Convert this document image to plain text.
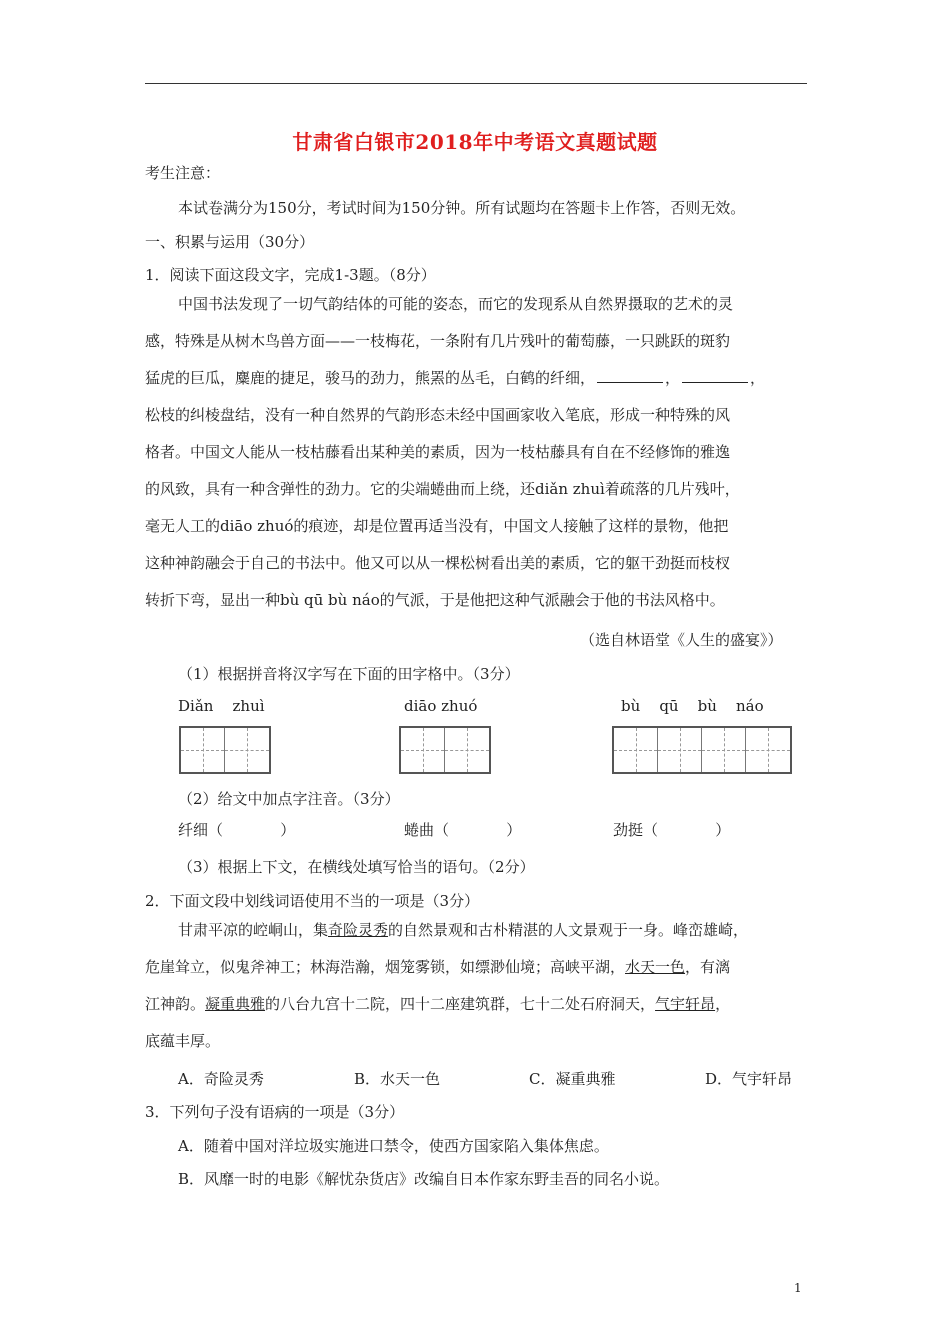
甘肃省白银市2018年中考语文真题试题
考生注意：
本试卷满分为150分，考试时间为150分钟。所有试题均在答题卡上作答，否则无效。
一、积累与运用（30分）
1．阅读下面这段文字，完成1-3题。（8分）
中国书法发现了一切气韵结体的可能的姿态，而它的发现系从自然界摄取的艺术的灵
感，特殊是从树木鸟兽方面——一枝梅花，一条附有几片残叶的葡萄藤，一只跳跃的斑豹
猛虎的巨瓜，麋鹿的捷足，骏马的劲力，熊罴的丛毛，白鹤的纤细，	，	，
松枝的纠棱盘结，没有一种自然界的气韵形态未经中国画家收入笔底，形成一种特殊的风
格者。中国文人能从一枝枯藤看出某种美的素质，因为一枝枯藤具有自在不经修饰的雅逸
的风致，具有一种含弹性的劲力。它的尖端蜷曲而上绕，还diǎn zhuì着疏落的几片残叶，
毫无人工的diāo zhuó的痕迹，却是位置再适当没有，中国文人接触了这样的景物，他把
这种神韵融会于自己的书法中。他又可以从一棵松树看出美的素质，它的躯干劲挺而枝杈
转折下弯，显出一种bù qū bù náo的气派，于是他把这种气派融会于他的书法风格中。
（选自林语堂《人生的盛宴》）
（1）根据拼音将汉字写在下面的田字格中。（3分）
Diǎn    zhuì	diāo zhuó	bù    qū    bù    náo
（2）给文中加点字注音。（3分）
纤细（            ）	蜷曲（            ）	劲挺（            ）
（3）根据上下文，在横线处填写恰当的语句。（2分）
2．下面文段中划线词语使用不当的一项是（3分）
甘肃平凉的崆峒山，集奇险灵秀的自然景观和古朴精湛的人文景观于一身。峰峦雄崎，
危崖耸立，似鬼斧神工；林海浩瀚，烟笼雾锁，如缥渺仙境；高峡平湖，水天一色，有漓
江神韵。凝重典雅的八台九宫十二院，四十二座建筑群，七十二处石府洞天，气宇轩昂，
底蕴丰厚。
A．奇险灵秀	B．水天一色	C．凝重典雅	D．气宇轩昂
3．下列句子没有语病的一项是（3分）
A．随着中国对洋垃圾实施进口禁令，使西方国家陷入集体焦虑。
B．风靡一时的电影《解忧杂货店》改编自日本作家东野圭吾的同名小说。
1
